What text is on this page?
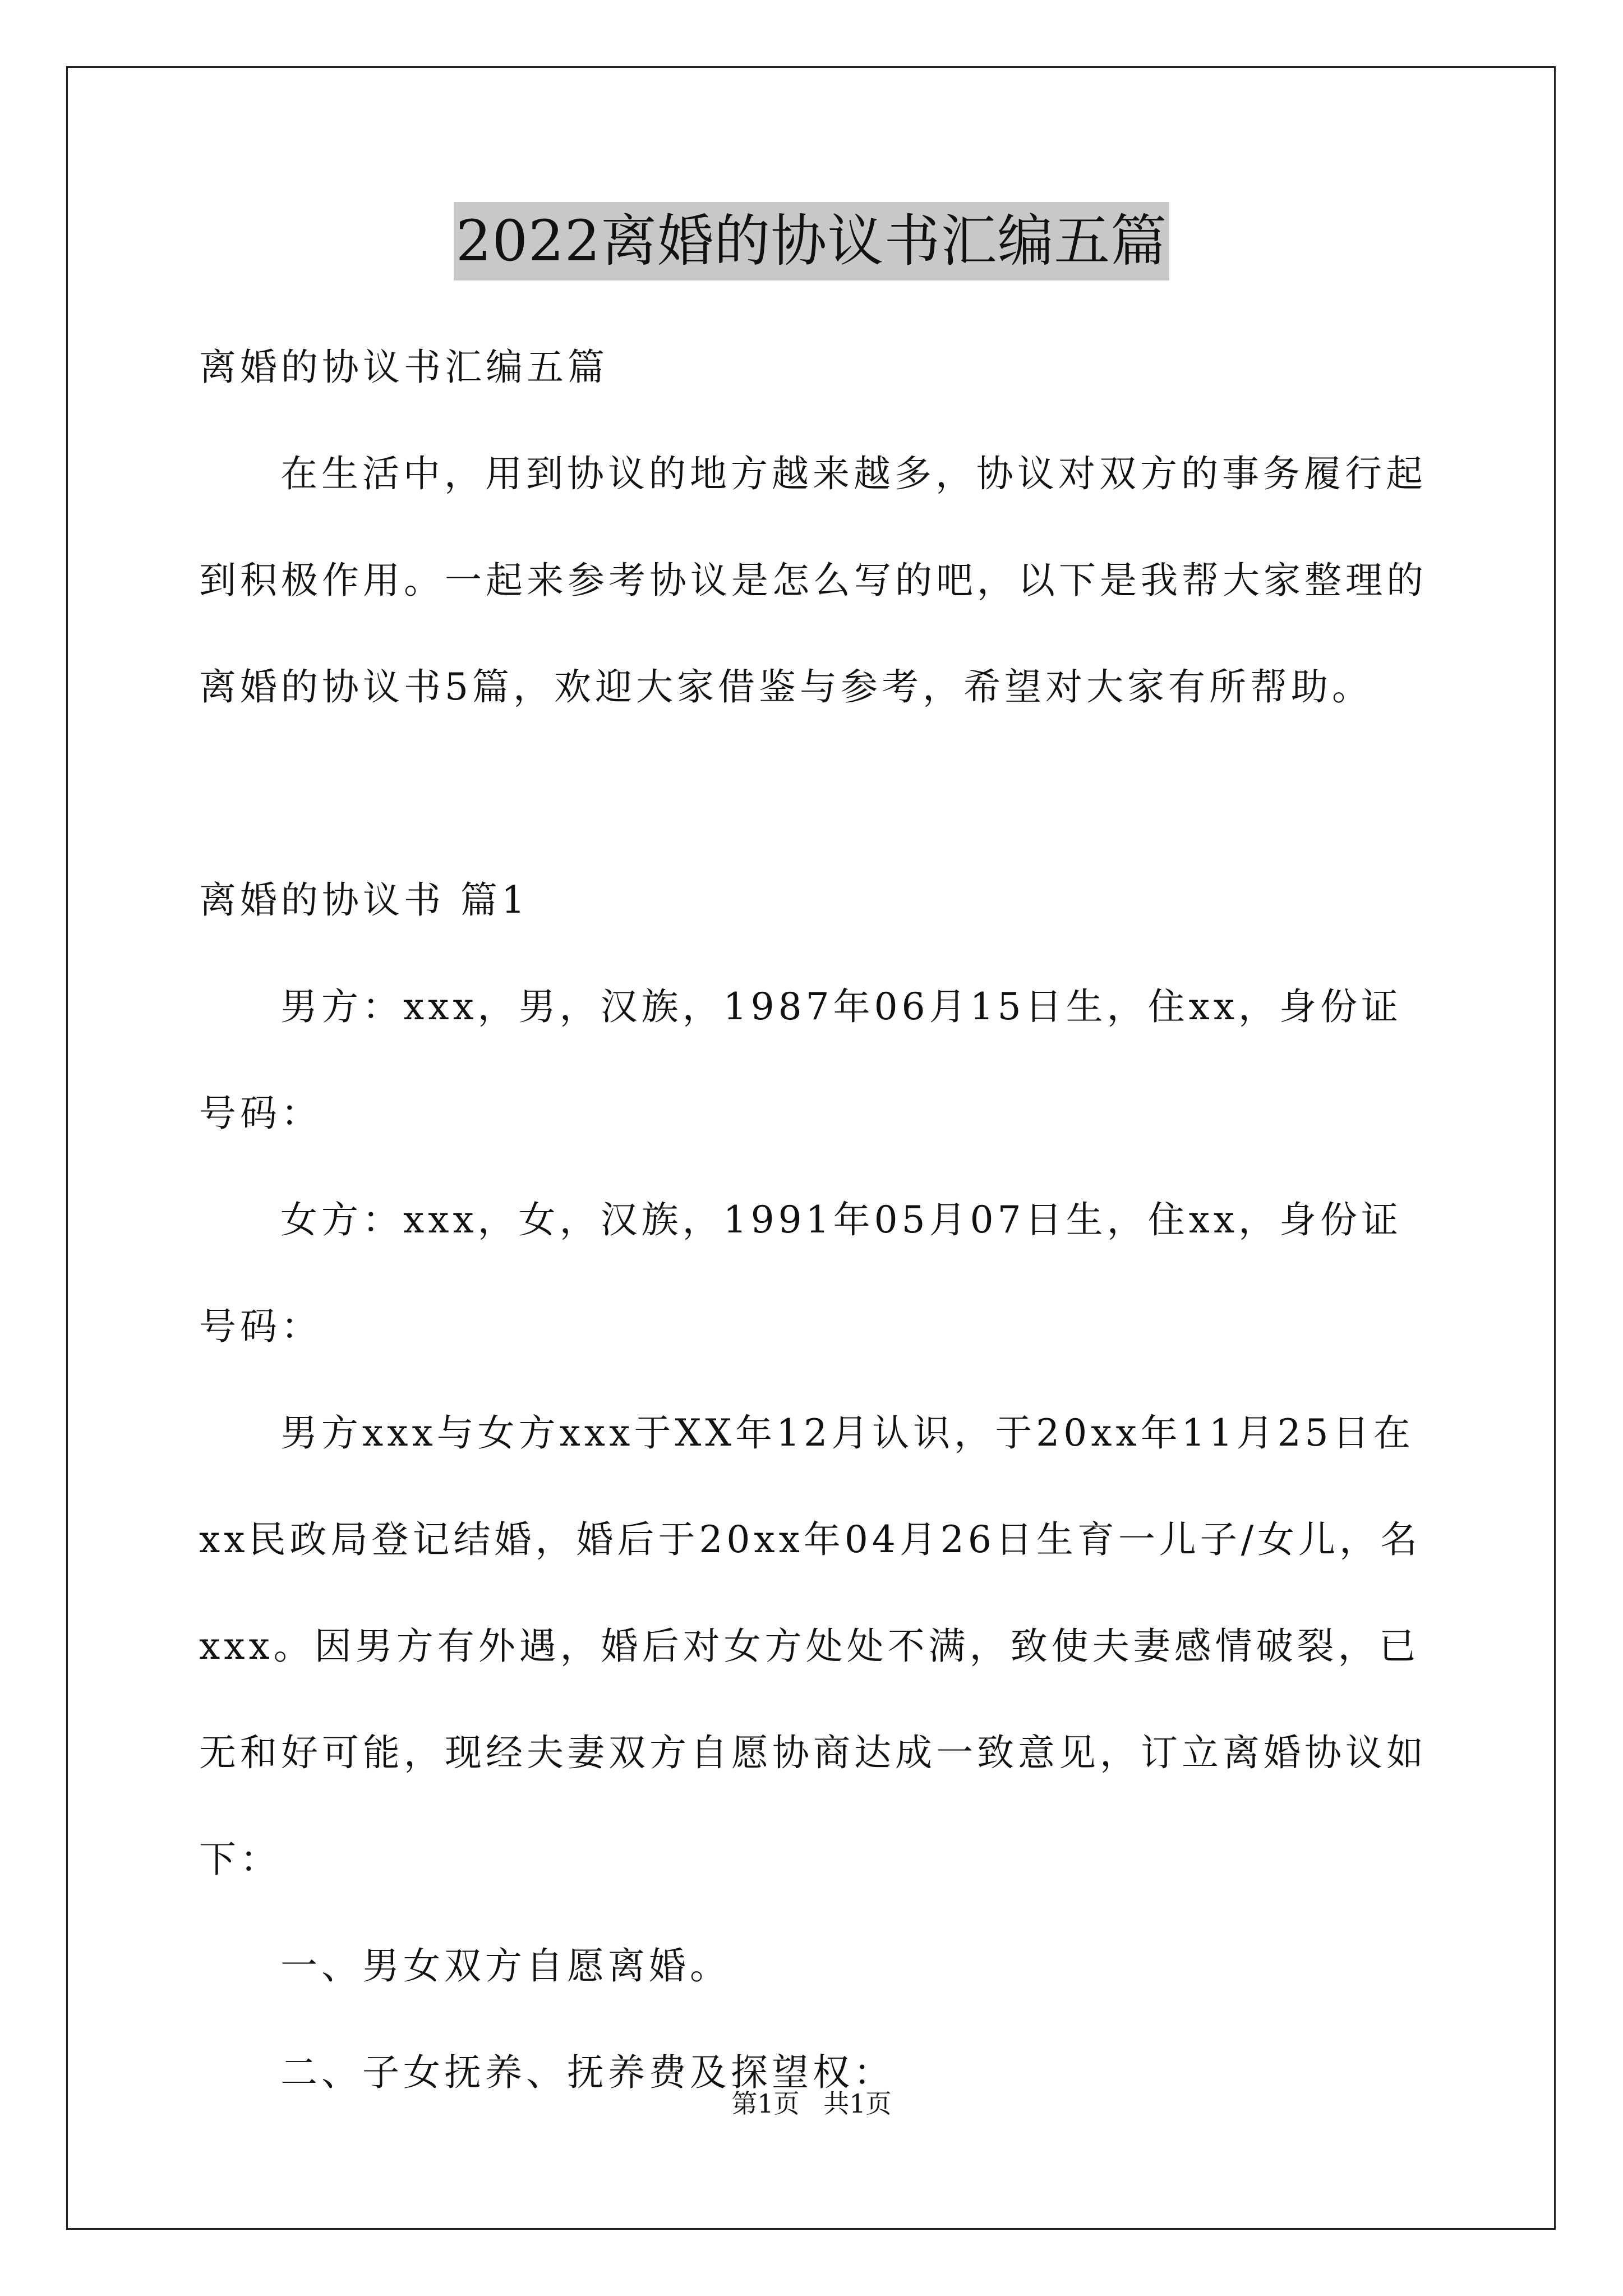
2022离婚的协议书汇编五篇

离婚的协议书汇编五篇

在生活中，用到协议的地方越来越多，协议对双方的事务履行起到积极作用。一起来参考协议是怎么写的吧，以下是我帮大家整理的离婚的协议书5篇，欢迎大家借鉴与参考，希望对大家有所帮助。

离婚的协议书 篇1

男方：xxx，男，汉族，1987年06月15日生，住xx，身份证号码：

女方：xxx，女，汉族，1991年05月07日生，住xx，身份证号码：

男方xxx与女方xxx于XX年12月认识，于20xx年11月25日在xx民政局登记结婚，婚后于20xx年04月26日生育一儿子/女儿，名xxx。因男方有外遇，婚后对女方处处不满，致使夫妻感情破裂，已无和好可能，现经夫妻双方自愿协商达成一致意见，订立离婚协议如下：

一、男女双方自愿离婚。

二、子女抚养、抚养费及探望权：

第1页 共1页
